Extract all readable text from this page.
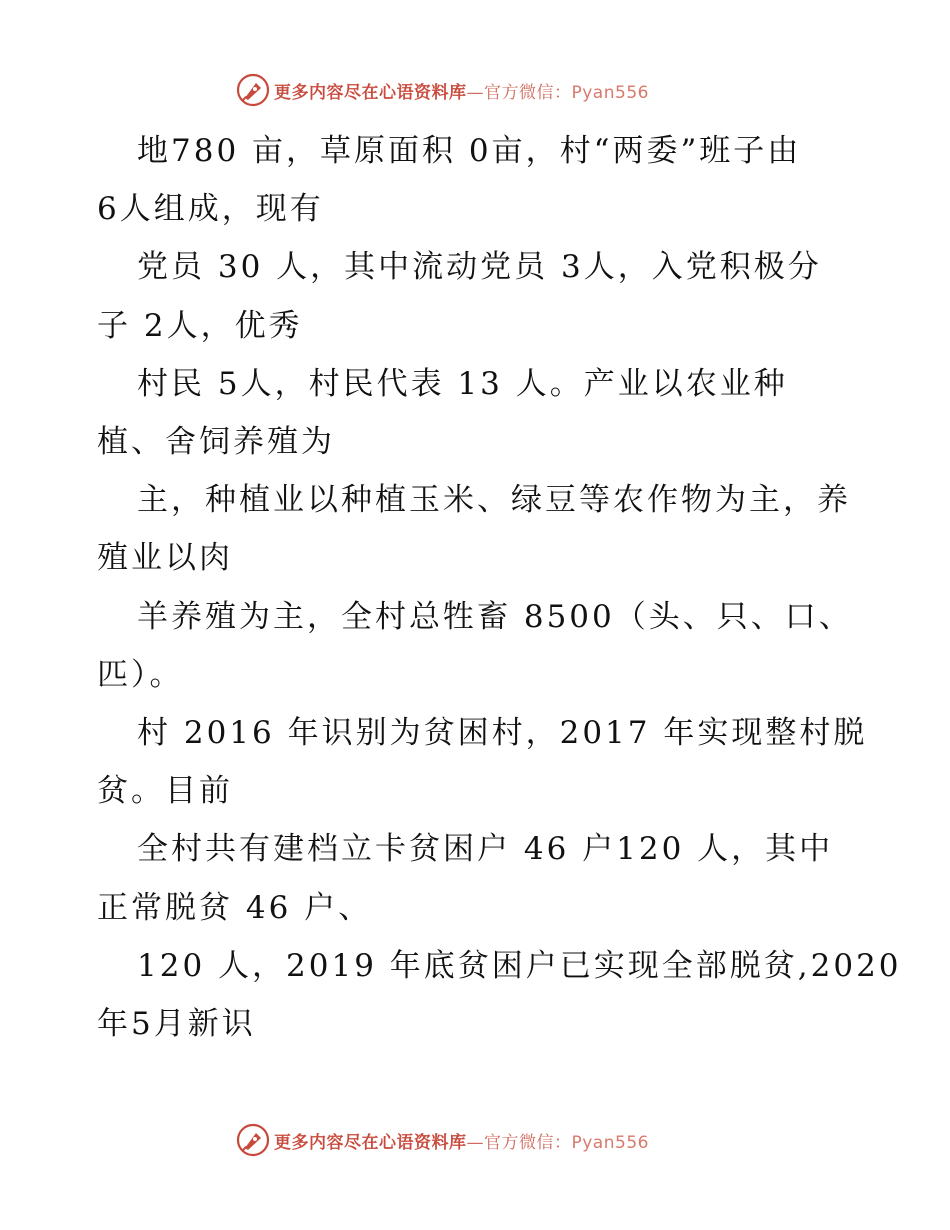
更多内容尽在心语资料库—官方微信：Pyan556
地780 亩，草原面积 0亩，村“两委”班子由
6人组成，现有
党员 30 人，其中流动党员 3人，入党积极分
子 2人，优秀
村民 5人，村民代表 13 人。产业以农业种
植、舍饲养殖为
主，种植业以种植玉米、绿豆等农作物为主，养
殖业以肉
羊养殖为主，全村总牲畜 8500（头、只、口、
匹）。
村 2016 年识别为贫困村，2017 年实现整村脱
贫。目前
全村共有建档立卡贫困户 46 户120 人，其中
正常脱贫 46 户、
120 人，2019 年底贫困户已实现全部脱贫,2020
年5月新识
更多内容尽在心语资料库—官方微信：Pyan556
